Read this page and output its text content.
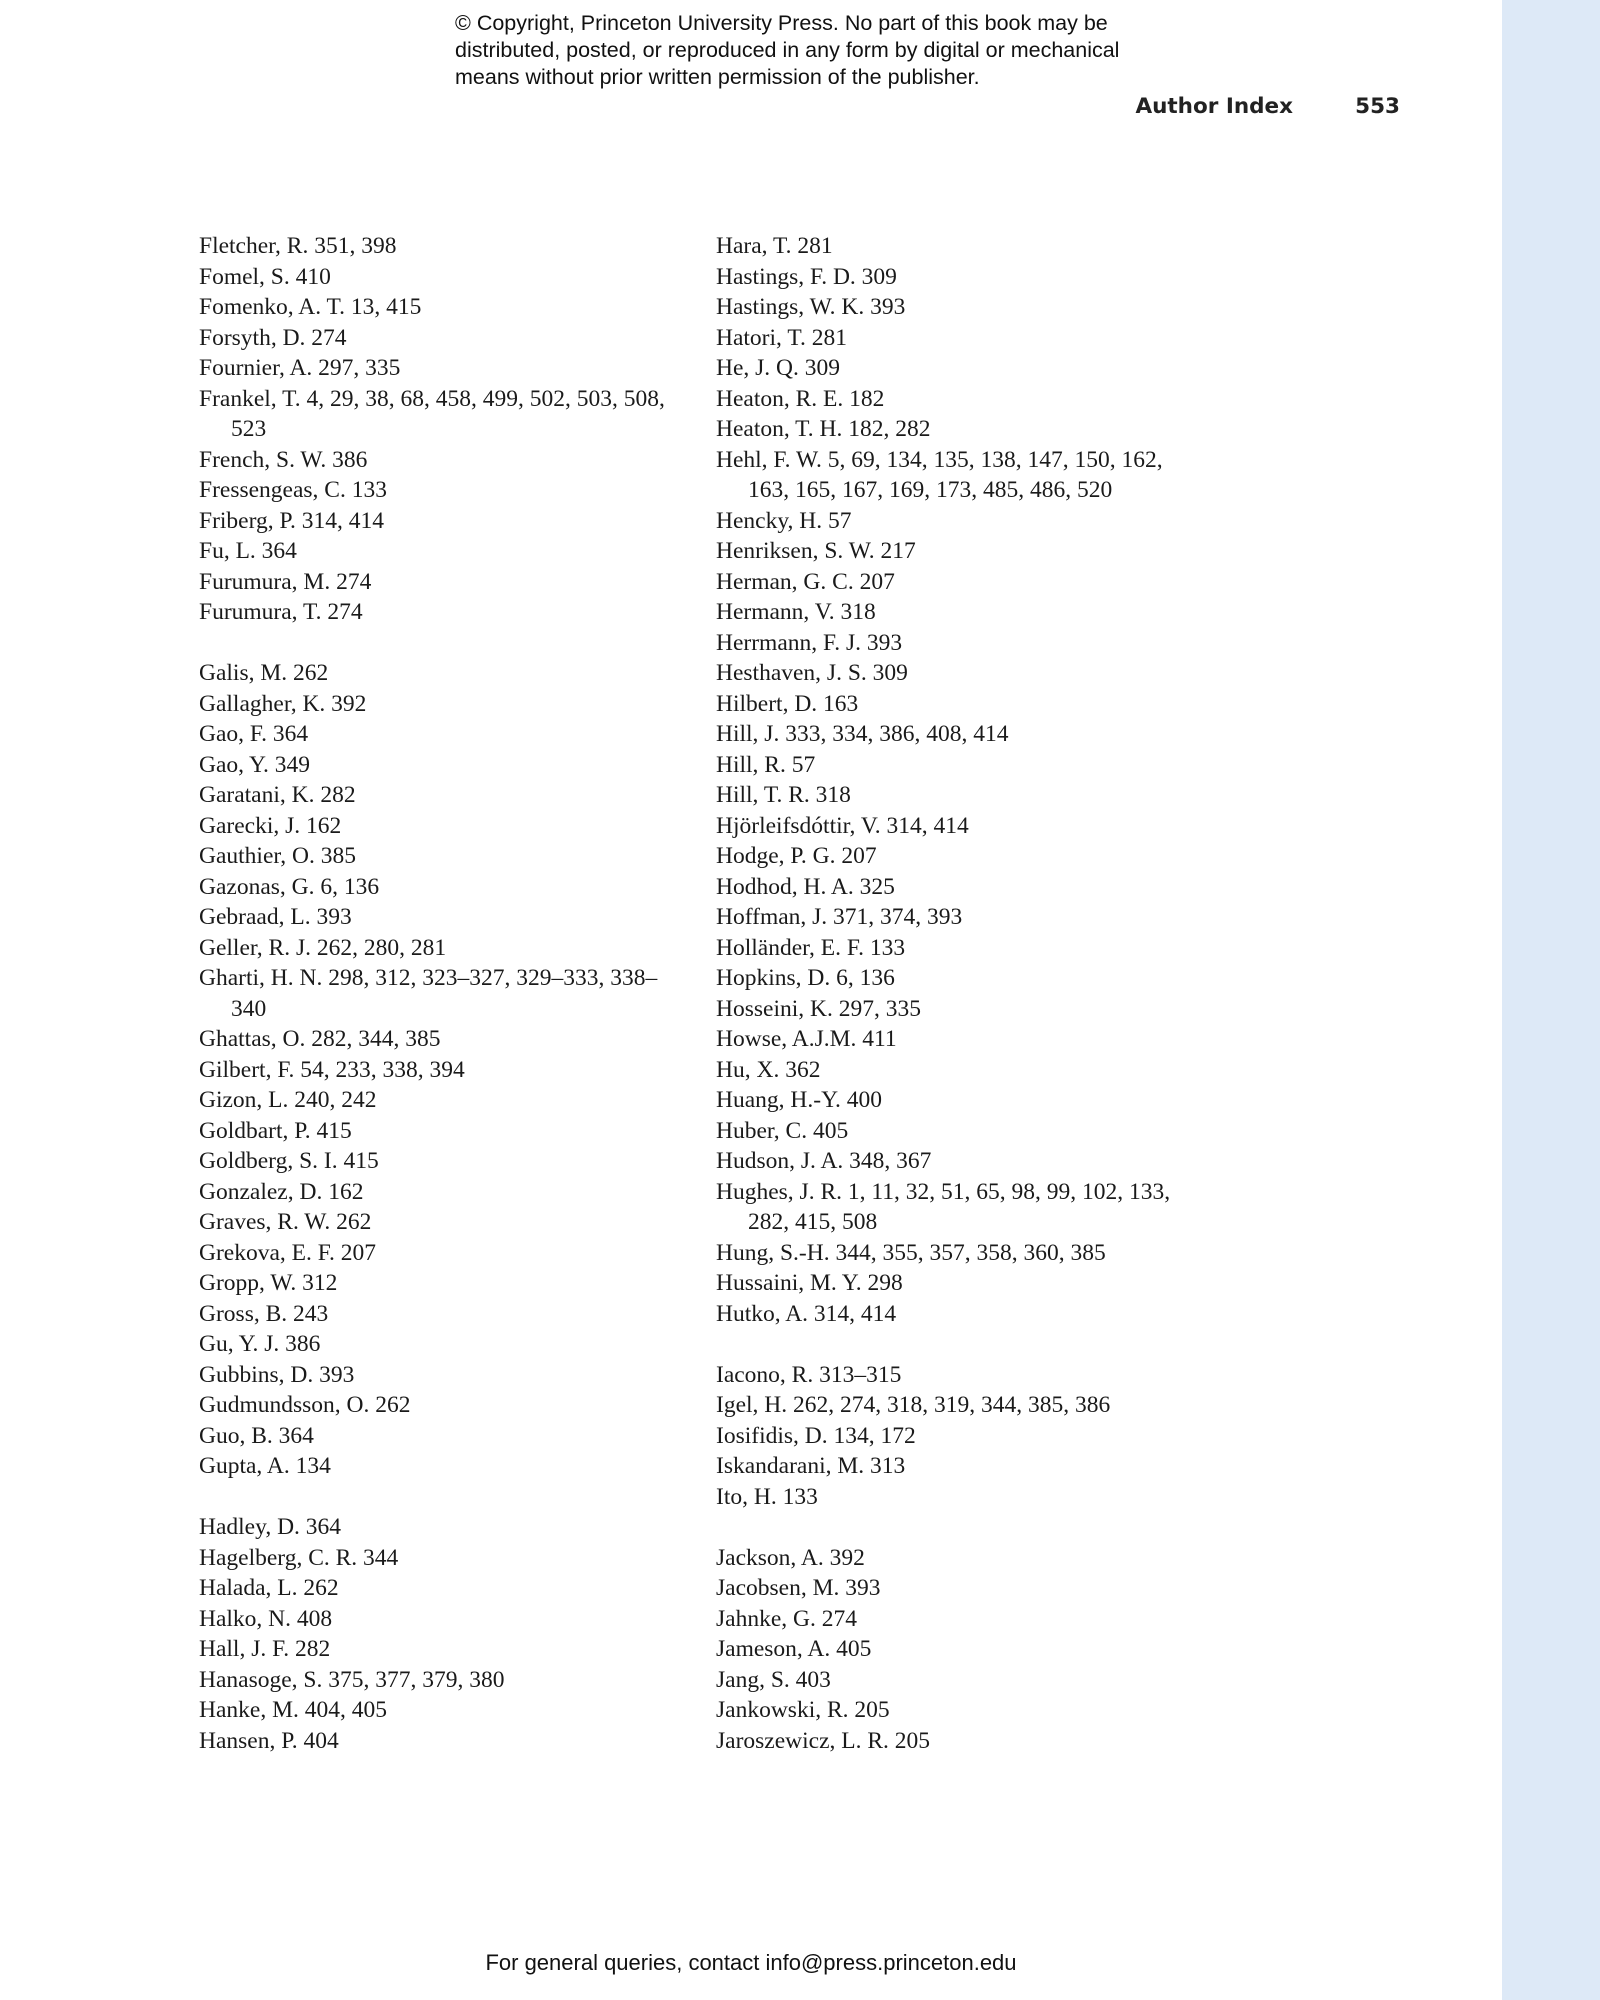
© Copyright, Princeton University Press. No part of this book may be
distributed, posted, or reproduced in any form by digital or mechanical
means without prior written permission of the publisher.
Author Index	553
Fletcher, R. 351, 398
Fomel, S. 410
Fomenko, A. T. 13, 415
Forsyth, D. 274
Fournier, A. 297, 335
Frankel, T. 4, 29, 38, 68, 458, 499, 502, 503, 508, 523
French, S. W. 386
Fressengeas, C. 133
Friberg, P. 314, 414
Fu, L. 364
Furumura, M. 274
Furumura, T. 274
Galis, M. 262
Gallagher, K. 392
Gao, F. 364
Gao, Y. 349
Garatani, K. 282
Garecki, J. 162
Gauthier, O. 385
Gazonas, G. 6, 136
Gebraad, L. 393
Geller, R. J. 262, 280, 281
Gharti, H. N. 298, 312, 323–327, 329–333, 338–340
Ghattas, O. 282, 344, 385
Gilbert, F. 54, 233, 338, 394
Gizon, L. 240, 242
Goldbart, P. 415
Goldberg, S. I. 415
Gonzalez, D. 162
Graves, R. W. 262
Grekova, E. F. 207
Gropp, W. 312
Gross, B. 243
Gu, Y. J. 386
Gubbins, D. 393
Gudmundsson, O. 262
Guo, B. 364
Gupta, A. 134
Hadley, D. 364
Hagelberg, C. R. 344
Halada, L. 262
Halko, N. 408
Hall, J. F. 282
Hanasoge, S. 375, 377, 379, 380
Hanke, M. 404, 405
Hansen, P. 404
Hara, T. 281
Hastings, F. D. 309
Hastings, W. K. 393
Hatori, T. 281
He, J. Q. 309
Heaton, R. E. 182
Heaton, T. H. 182, 282
Hehl, F. W. 5, 69, 134, 135, 138, 147, 150, 162, 163, 165, 167, 169, 173, 485, 486, 520
Hencky, H. 57
Henriksen, S. W. 217
Herman, G. C. 207
Hermann, V. 318
Herrmann, F. J. 393
Hesthaven, J. S. 309
Hilbert, D. 163
Hill, J. 333, 334, 386, 408, 414
Hill, R. 57
Hill, T. R. 318
Hjörleifsdóttir, V. 314, 414
Hodge, P. G. 207
Hodhod, H. A. 325
Hoffman, J. 371, 374, 393
Holländer, E. F. 133
Hopkins, D. 6, 136
Hosseini, K. 297, 335
Howse, A.J.M. 411
Hu, X. 362
Huang, H.-Y. 400
Huber, C. 405
Hudson, J. A. 348, 367
Hughes, J. R. 1, 11, 32, 51, 65, 98, 99, 102, 133, 282, 415, 508
Hung, S.-H. 344, 355, 357, 358, 360, 385
Hussaini, M. Y. 298
Hutko, A. 314, 414
Iacono, R. 313–315
Igel, H. 262, 274, 318, 319, 344, 385, 386
Iosifidis, D. 134, 172
Iskandarani, M. 313
Ito, H. 133
Jackson, A. 392
Jacobsen, M. 393
Jahnke, G. 274
Jameson, A. 405
Jang, S. 403
Jankowski, R. 205
Jaroszewicz, L. R. 205
For general queries, contact info@press.princeton.edu
